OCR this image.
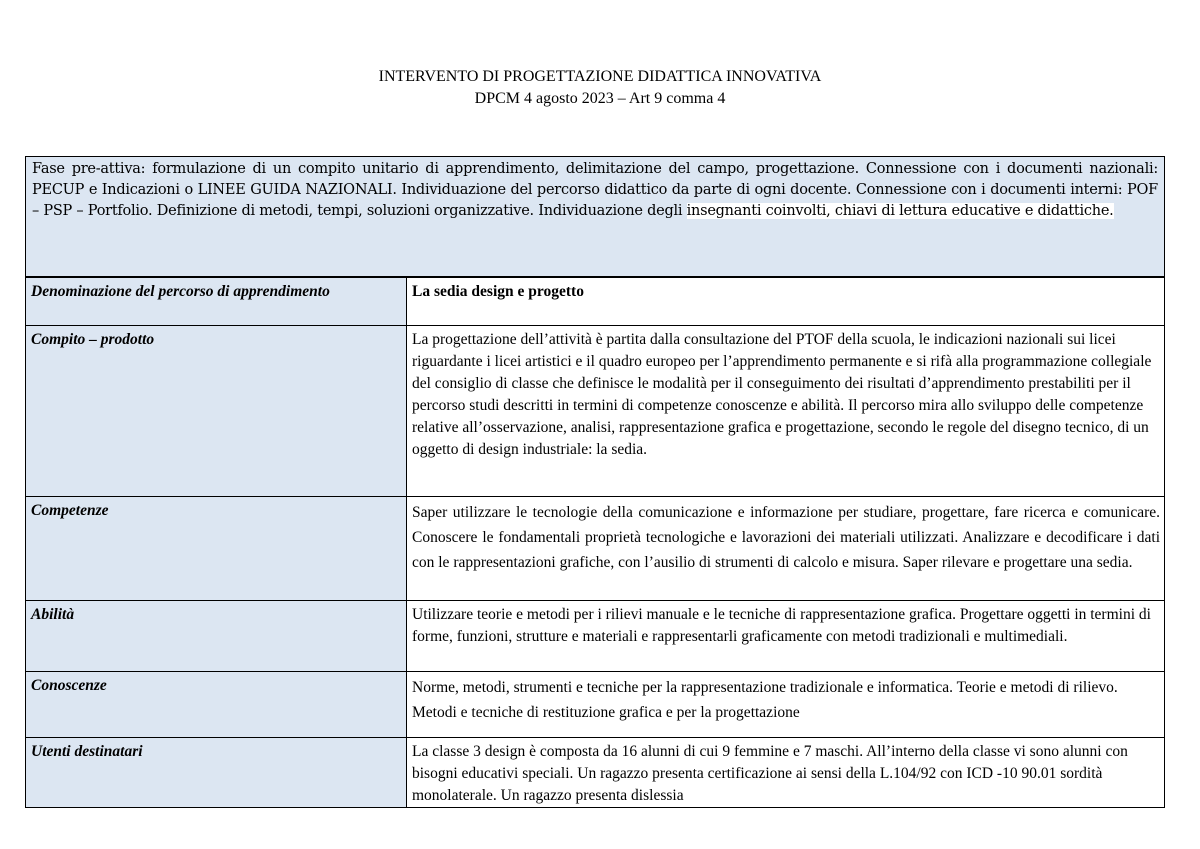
INTERVENTO DI PROGETTAZIONE DIDATTICA INNOVATIVA
DPCM 4 agosto 2023 – Art 9 comma 4
Fase pre-attiva: formulazione di un compito unitario di apprendimento, delimitazione del campo, progettazione. Connessione con i documenti nazionali: PECUP e Indicazioni o LINEE GUIDA NAZIONALI. Individuazione del percorso didattico da parte di ogni docente. Connessione con i documenti interni: POF – PSP – Portfolio. Definizione di metodi, tempi, soluzioni organizzative. Individuazione degli insegnanti coinvolti, chiavi di lettura educative e didattiche.
Denominazione del percorso di apprendimento	La sedia design e progetto
Compito – prodotto	La progettazione dell’attività è partita dalla consultazione del PTOF della scuola, le indicazioni nazionali sui licei riguardante i licei artistici e il quadro europeo per l’apprendimento permanente e si rifà alla programmazione collegiale del consiglio di classe che definisce le modalità per il conseguimento dei risultati d’apprendimento prestabiliti per il percorso studi descritti in termini di competenze conoscenze e abilità. Il percorso mira allo sviluppo delle competenze relative all’osservazione, analisi, rappresentazione grafica e progettazione, secondo le regole del disegno tecnico, di un oggetto di design industriale: la sedia.
Competenze	Saper utilizzare le tecnologie della comunicazione e informazione per studiare, progettare, fare ricerca e comunicare. Conoscere le fondamentali proprietà tecnologiche e lavorazioni dei materiali utilizzati. Analizzare e decodificare i dati con le rappresentazioni grafiche, con l’ausilio di strumenti di calcolo e misura. Saper rilevare e progettare una sedia.
Abilità	Utilizzare teorie e metodi per i rilievi manuale e le tecniche di rappresentazione grafica. Progettare oggetti in termini di forme, funzioni, strutture e materiali e rappresentarli graficamente con metodi tradizionali e multimediali.
Conoscenze	Norme, metodi, strumenti e tecniche per la rappresentazione tradizionale e informatica. Teorie e metodi di rilievo. Metodi e tecniche di restituzione grafica e per la progettazione
Utenti destinatari	La classe 3 design è composta da 16 alunni di cui 9 femmine e 7 maschi. All’interno della classe vi sono alunni con bisogni educativi speciali. Un ragazzo presenta certificazione ai sensi della L.104/92 con ICD -10 90.01 sordità monolaterale. Un ragazzo presenta dislessia
